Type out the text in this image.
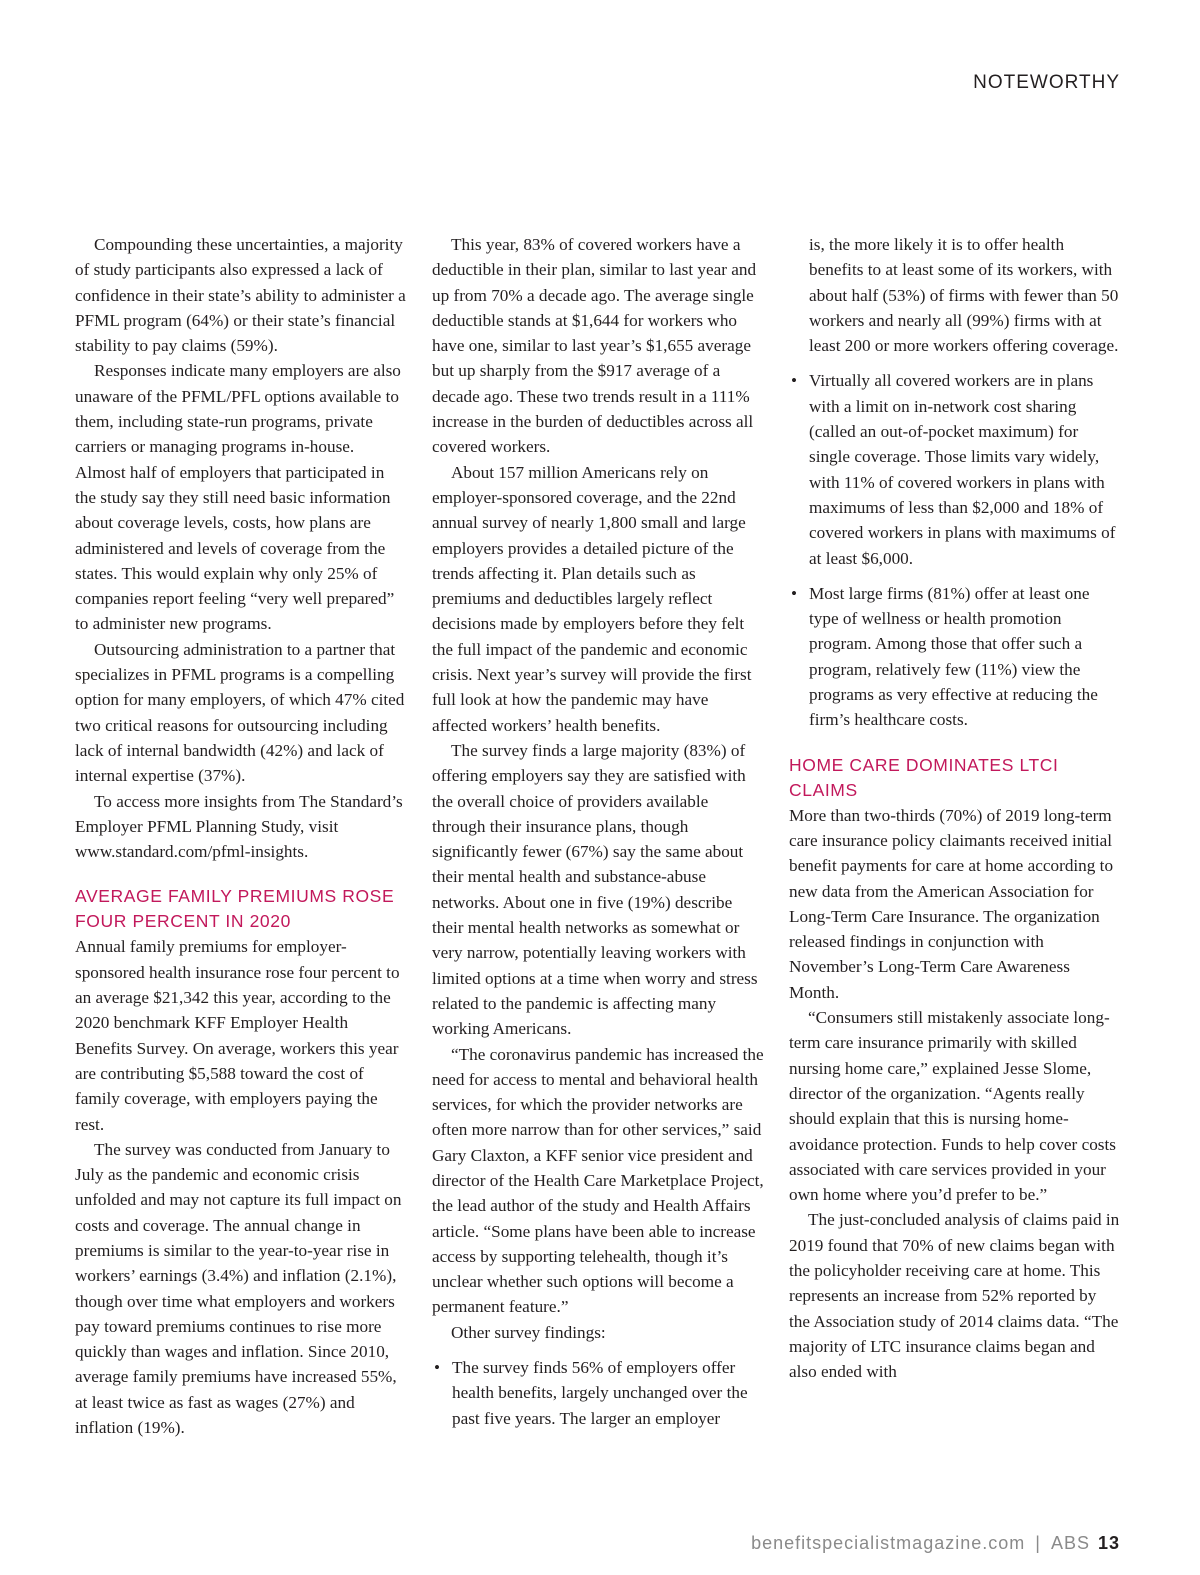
NOTEWORTHY

Compounding these uncertainties, a majority of study participants also expressed a lack of confidence in their state’s ability to administer a PFML program (64%) or their state’s financial stability to pay claims (59%).

Responses indicate many employers are also unaware of the PFML/PFL options available to them, including state-run programs, private carriers or managing programs in-house. Almost half of employers that participated in the study say they still need basic information about coverage levels, costs, how plans are administered and levels of coverage from the states. This would explain why only 25% of companies report feeling “very well prepared” to administer new programs.

Outsourcing administration to a partner that specializes in PFML programs is a compelling option for many employers, of which 47% cited two critical reasons for outsourcing including lack of internal bandwidth (42%) and lack of internal expertise (37%).

To access more insights from The Standard’s Employer PFML Planning Study, visit www.standard.com/pfml-insights.

AVERAGE FAMILY PREMIUMS ROSE FOUR PERCENT IN 2020

Annual family premiums for employer-sponsored health insurance rose four percent to an average $21,342 this year, according to the 2020 benchmark KFF Employer Health Benefits Survey. On average, workers this year are contributing $5,588 toward the cost of family coverage, with employers paying the rest.

The survey was conducted from January to July as the pandemic and economic crisis unfolded and may not capture its full impact on costs and coverage. The annual change in premiums is similar to the year-to-year rise in workers’ earnings (3.4%) and inflation (2.1%), though over time what employers and workers pay toward premiums continues to rise more quickly than wages and inflation. Since 2010, average family premiums have increased 55%, at least twice as fast as wages (27%) and inflation (19%).

This year, 83% of covered workers have a deductible in their plan, similar to last year and up from 70% a decade ago. The average single deductible stands at $1,644 for workers who have one, similar to last year’s $1,655 average but up sharply from the $917 average of a decade ago. These two trends result in a 111% increase in the burden of deductibles across all covered workers.

About 157 million Americans rely on employer-sponsored coverage, and the 22nd annual survey of nearly 1,800 small and large employers provides a detailed picture of the trends affecting it. Plan details such as premiums and deductibles largely reflect decisions made by employers before they felt the full impact of the pandemic and economic crisis. Next year’s survey will provide the first full look at how the pandemic may have affected workers’ health benefits.

The survey finds a large majority (83%) of offering employers say they are satisfied with the overall choice of providers available through their insurance plans, though significantly fewer (67%) say the same about their mental health and substance-abuse networks. About one in five (19%) describe their mental health networks as somewhat or very narrow, potentially leaving workers with limited options at a time when worry and stress related to the pandemic is affecting many working Americans.

“The coronavirus pandemic has increased the need for access to mental and behavioral health services, for which the provider networks are often more narrow than for other services,” said Gary Claxton, a KFF senior vice president and director of the Health Care Marketplace Project, the lead author of the study and Health Affairs article. “Some plans have been able to increase access by supporting telehealth, though it’s unclear whether such options will become a permanent feature.”

Other survey findings:

• The survey finds 56% of employers offer health benefits, largely unchanged over the past five years. The larger an employer

is, the more likely it is to offer health benefits to at least some of its workers, with about half (53%) of firms with fewer than 50 workers and nearly all (99%) firms with at least 200 or more workers offering coverage.

• Virtually all covered workers are in plans with a limit on in-network cost sharing (called an out-of-pocket maximum) for single coverage. Those limits vary widely, with 11% of covered workers in plans with maximums of less than $2,000 and 18% of covered workers in plans with maximums of at least $6,000.
• Most large firms (81%) offer at least one type of wellness or health promotion program. Among those that offer such a program, relatively few (11%) view the programs as very effective at reducing the firm’s healthcare costs.
HOME CARE DOMINATES LTCI CLAIMS

More than two-thirds (70%) of 2019 long-term care insurance policy claimants received initial benefit payments for care at home according to new data from the American Association for Long-Term Care Insurance. The organization released findings in conjunction with November’s Long-Term Care Awareness Month.

“Consumers still mistakenly associate long-term care insurance primarily with skilled nursing home care,” explained Jesse Slome, director of the organization. “Agents really should explain that this is nursing home-avoidance protection. Funds to help cover costs associated with care services provided in your own home where you’d prefer to be.”

The just-concluded analysis of claims paid in 2019 found that 70% of new claims began with the policyholder receiving care at home. This represents an increase from 52% reported by the Association study of 2014 claims data. “The majority of LTC insurance claims began and also ended with

benefitspecialistmagazine.com | ABS 13
